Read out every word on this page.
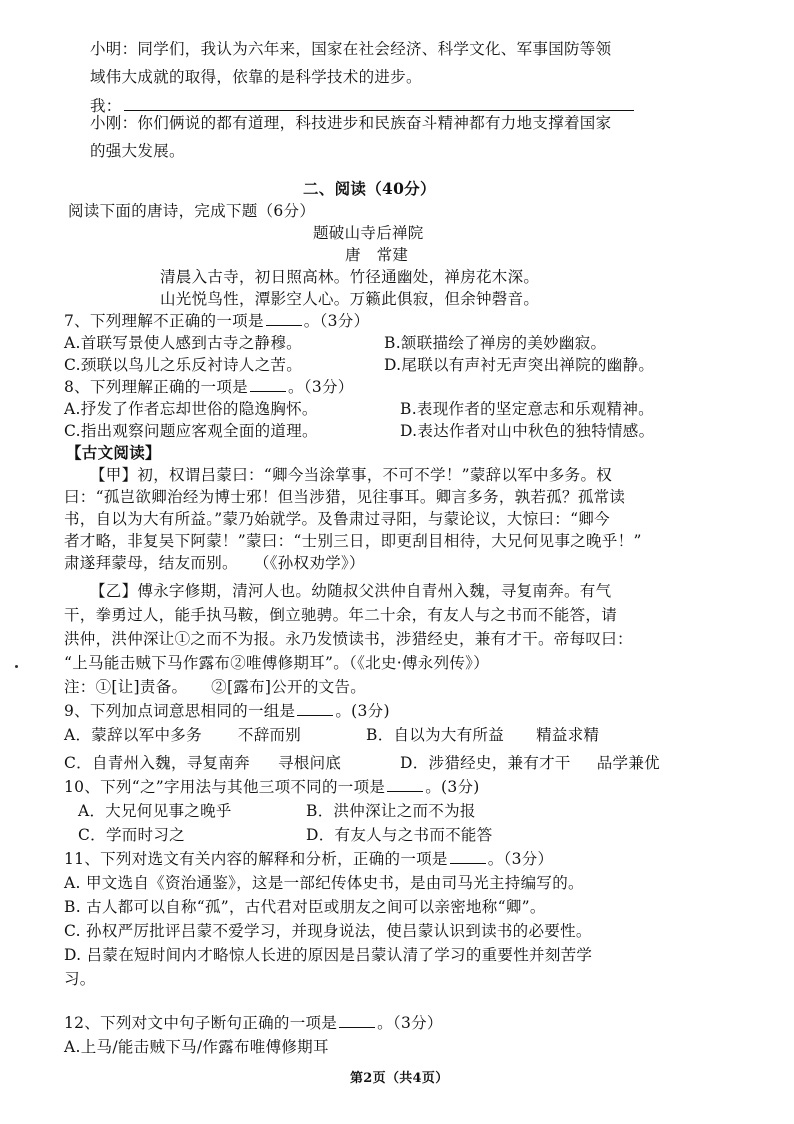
小明：同学们，我认为六年来，国家在社会经济、科学文化、军事国防等领
域伟大成就的取得，依靠的是科学技术的进步。
我：
小刚：你们俩说的都有道理，科技进步和民族奋斗精神都有力地支撑着国家
的强大发展。
二、阅读（40分）
阅读下面的唐诗，完成下题（6分）
题破山寺后禅院
唐　常建
清晨入古寺，初日照高林。竹径通幽处，禅房花木深。
山光悦鸟性，潭影空人心。万籁此俱寂，但余钟磬音。
7、下列理解不正确的一项是	。（3分）
A.首联写景使人感到古寺之静穆。	B.颔联描绘了禅房的美妙幽寂。
C.颈联以鸟儿之乐反衬诗人之苦。	D.尾联以有声衬无声突出禅院的幽静。
8、下列理解正确的一项是	。（3分）
A.抒发了作者忘却世俗的隐逸胸怀。	B.表现作者的坚定意志和乐观精神。
C.指出观察问题应客观全面的道理。	D.表达作者对山中秋色的独特情感。
【古文阅读】
【甲】初，权谓吕蒙曰：“卿今当涂掌事，不可不学！”蒙辞以军中多务。权
曰：“孤岂欲卿治经为博士邪！但当涉猎，见往事耳。卿言多务，孰若孤？孤常读
书，自以为大有所益。”蒙乃始就学。及鲁肃过寻阳，与蒙论议，大惊曰：“卿今
者才略，非复吴下阿蒙！”蒙曰：“士别三日，即更刮目相待，大兄何见事之晚乎！”
肃遂拜蒙母，结友而别。　　（《孙权劝学》）
【乙】傅永字修期，清河人也。幼随叔父洪仲自青州入魏，寻复南奔。有气
干，拳勇过人，能手执马鞍，倒立驰骋。年二十余，有友人与之书而不能答，请
洪仲，洪仲深让①之而不为报。永乃发愤读书，涉猎经史，兼有才干。帝每叹曰：
“上马能击贼下马作露布②唯傅修期耳”。（《北史·傅永列传》）
注：①[让]责备。　　②[露布]公开的文告。
9、下列加点词意思相同的一组是	。(3分)
A．蒙辞以军中多务 不辞而别	B．自以为大有所益 精益求精
C．自青州入魏，寻复南奔 寻根问底	D．涉猎经史，兼有才干 品学兼优
10、下列“之”字用法与其他三项不同的一项是	。(3分)
A．大兄何见事之晚乎	B．洪仲深让之而不为报
C．学而时习之	D．有友人与之书而不能答
11、下列对选文有关内容的解释和分析，正确的一项是	。（3分）
A. 甲文选自《资治通鉴》，这是一部纪传体史书，是由司马光主持编写的。
B. 古人都可以自称“孤”，古代君对臣或朋友之间可以亲密地称“卿”。
C. 孙权严厉批评吕蒙不爱学习，并现身说法，使吕蒙认识到读书的必要性。
D. 吕蒙在短时间内才略惊人长进的原因是吕蒙认清了学习的重要性并刻苦学
习。
12、下列对文中句子断句正确的一项是	。（3分）
A.上马/能击贼下马/作露布唯傅修期耳
第2页（共4页）
